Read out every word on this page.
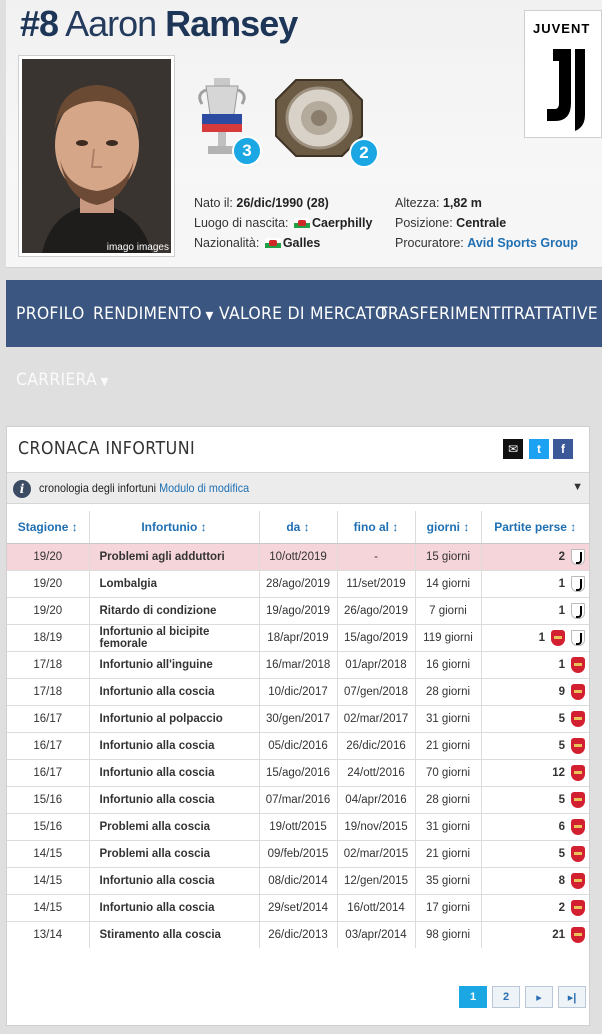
#8 Aaron Ramsey
imago images
3	2
JUVENT
Nato il: 26/dic/1990 (28)
Luogo di nascita: Caerphilly
Nazionalità: Galles
Altezza: 1,82 m
Posizione: Centrale
Procuratore: Avid Sports Group
PROFILO RENDIMENTO ▼ VALORE DI MERCATO
TRASFERIMENTI
TRATTATIVE
CARRIERA ▼
CRONACA INFORTUNI	✉ t f
i	cronologia degli infortuni Modulo di modifica	▼
Stagione ↕	Infortunio ↕	da ↕	fino al ↕	giorni ↕	Partite perse ↕
19/20	Problemi agli adduttori	10/ott/2019	-	15 giorni	2
19/20	Lombalgia	28/ago/2019	11/set/2019	14 giorni	1
19/20	Ritardo di condizione	19/ago/2019	26/ago/2019	7 giorni	1
18/19	Infortunio al bicipite femorale	18/apr/2019	15/ago/2019	119 giorni	1
17/18	Infortunio all'inguine	16/mar/2018	01/apr/2018	16 giorni	1
17/18	Infortunio alla coscia	10/dic/2017	07/gen/2018	28 giorni	9
16/17	Infortunio al polpaccio	30/gen/2017	02/mar/2017	31 giorni	5
16/17	Infortunio alla coscia	05/dic/2016	26/dic/2016	21 giorni	5
16/17	Infortunio alla coscia	15/ago/2016	24/ott/2016	70 giorni	12
15/16	Infortunio alla coscia	07/mar/2016	04/apr/2016	28 giorni	5
15/16	Problemi alla coscia	19/ott/2015	19/nov/2015	31 giorni	6
14/15	Problemi alla coscia	09/feb/2015	02/mar/2015	21 giorni	5
14/15	Infortunio alla coscia	08/dic/2014	12/gen/2015	35 giorni	8
14/15	Infortunio alla coscia	29/set/2014	16/ott/2014	17 giorni	2
13/14	Stiramento alla coscia	26/dic/2013	03/apr/2014	98 giorni	21
1	2	▸	▸|
